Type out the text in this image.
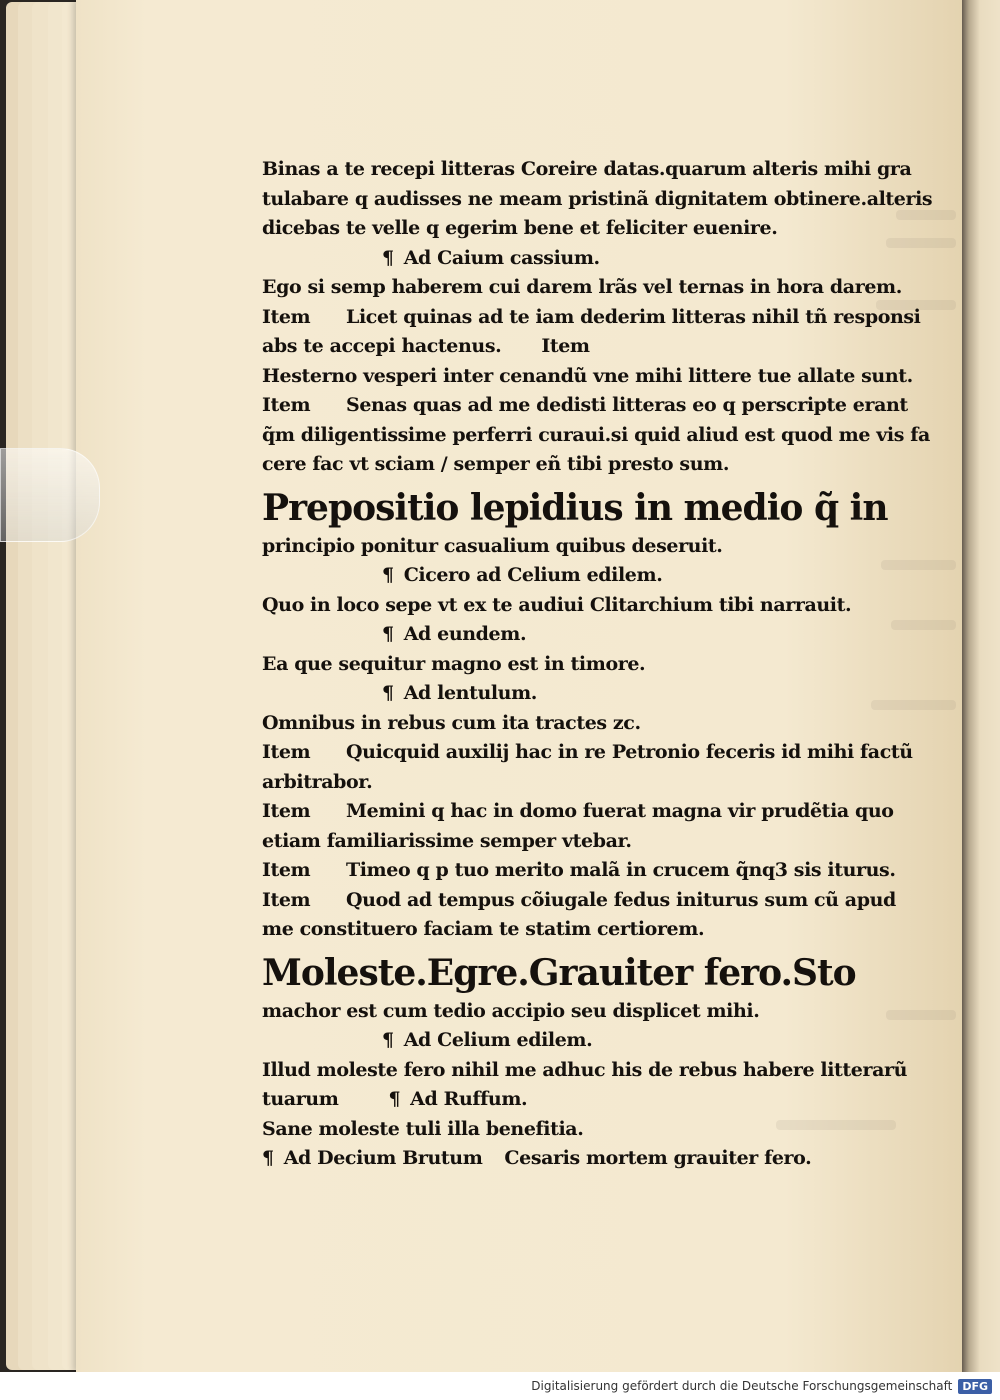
Binas a te recepi litteras Coreire datas.quarum alteris mihi gra
tulabare q audisses ne meam pristinã dignitatem obtinere.alteris
dicebas te velle q egerim bene et feliciter euenire.
¶ Ad Caium cassium.
Ego si semp haberem cui darem lrãs vel ternas in hora darem.
Item Licet quinas ad te iam dederim litteras nihil tñ responsi
abs te accepi hactenus. Item
Hesterno vesperi inter cenandũ vne mihi littere tue allate sunt.
Item Senas quas ad me dedisti litteras eo q perscripte erant
q̃m diligentissime perferri curaui.si quid aliud est quod me vis fa
cere fac vt sciam / semper eñ tibi presto sum.
Prepositio lepidius in medio q̃ in
principio ponitur casualium quibus deseruit.
¶ Cicero ad Celium edilem.
Quo in loco sepe vt ex te audiui Clitarchium tibi narrauit.
¶ Ad eundem.
Ea que sequitur magno est in timore.
¶ Ad lentulum.
Omnibus in rebus cum ita tractes zc.
Item Quicquid auxilij hac in re Petronio feceris id mihi factũ
arbitrabor.
Item Memini q hac in domo fuerat magna vir prudẽtia quo
etiam familiarissime semper vtebar.
Item Timeo q p tuo merito malã in crucem q̃nq3 sis iturus.
Item Quod ad tempus cõiugale fedus initurus sum cũ apud
me constituero faciam te statim certiorem.
Moleste.Egre.Grauiter fero.Sto
machor est cum tedio accipio seu displicet mihi.
¶ Ad Celium edilem.
Illud moleste fero nihil me adhuc his de rebus habere litterarũ
tuarum	¶ Ad Ruffum.
Sane moleste tuli illa benefitia.
¶ Ad Decium Brutum Cesaris mortem grauiter fero.
Digitalisierung gefördert durch die Deutsche Forschungsgemeinschaft DFG
